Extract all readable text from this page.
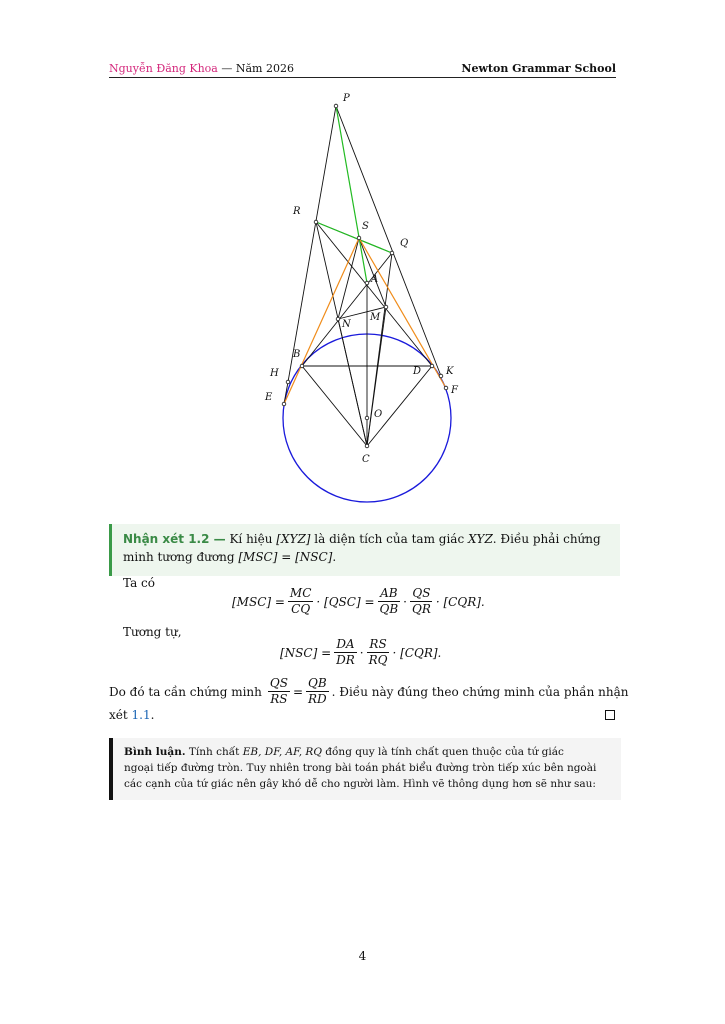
Nguyễn Đăng Khoa — Năm 2026	Newton Grammar School
P
R
S
Q
A
N
M
B
H	D K
E
F
O
C
Nhận xét 1.2 — Kí hiệu [XYZ] là diện tích của tam giác XYZ. Điều phải chứng
minh tương đương [MSC] = [NSC].
Ta có
$[MSC] = \frac{MC}{CQ} \cdot [QSC] = \frac{AB}{QB} \cdot \frac{QS}{QR} \cdot [CQR]$.
Tương tự,
$[NSC] = \frac{DA}{DR} \cdot \frac{RS}{RQ} \cdot [CQR]$.
Do đó ta cần chứng minh $\frac{QS}{RS} = \frac{QB}{RD}$ . Điều này đúng theo chứng minh của phần nhận
xét 1.1.
Bình luận. Tính chất EB, DF, AF, RQ đồng quy là tính chất quen thuộc của tứ giác
ngoại tiếp đường tròn. Tuy nhiên trong bài toán phát biểu đường tròn tiếp xúc bên ngoài
các cạnh của tứ giác nên gây khó dễ cho người làm. Hình vẽ thông dụng hơn sẽ như sau:
4
